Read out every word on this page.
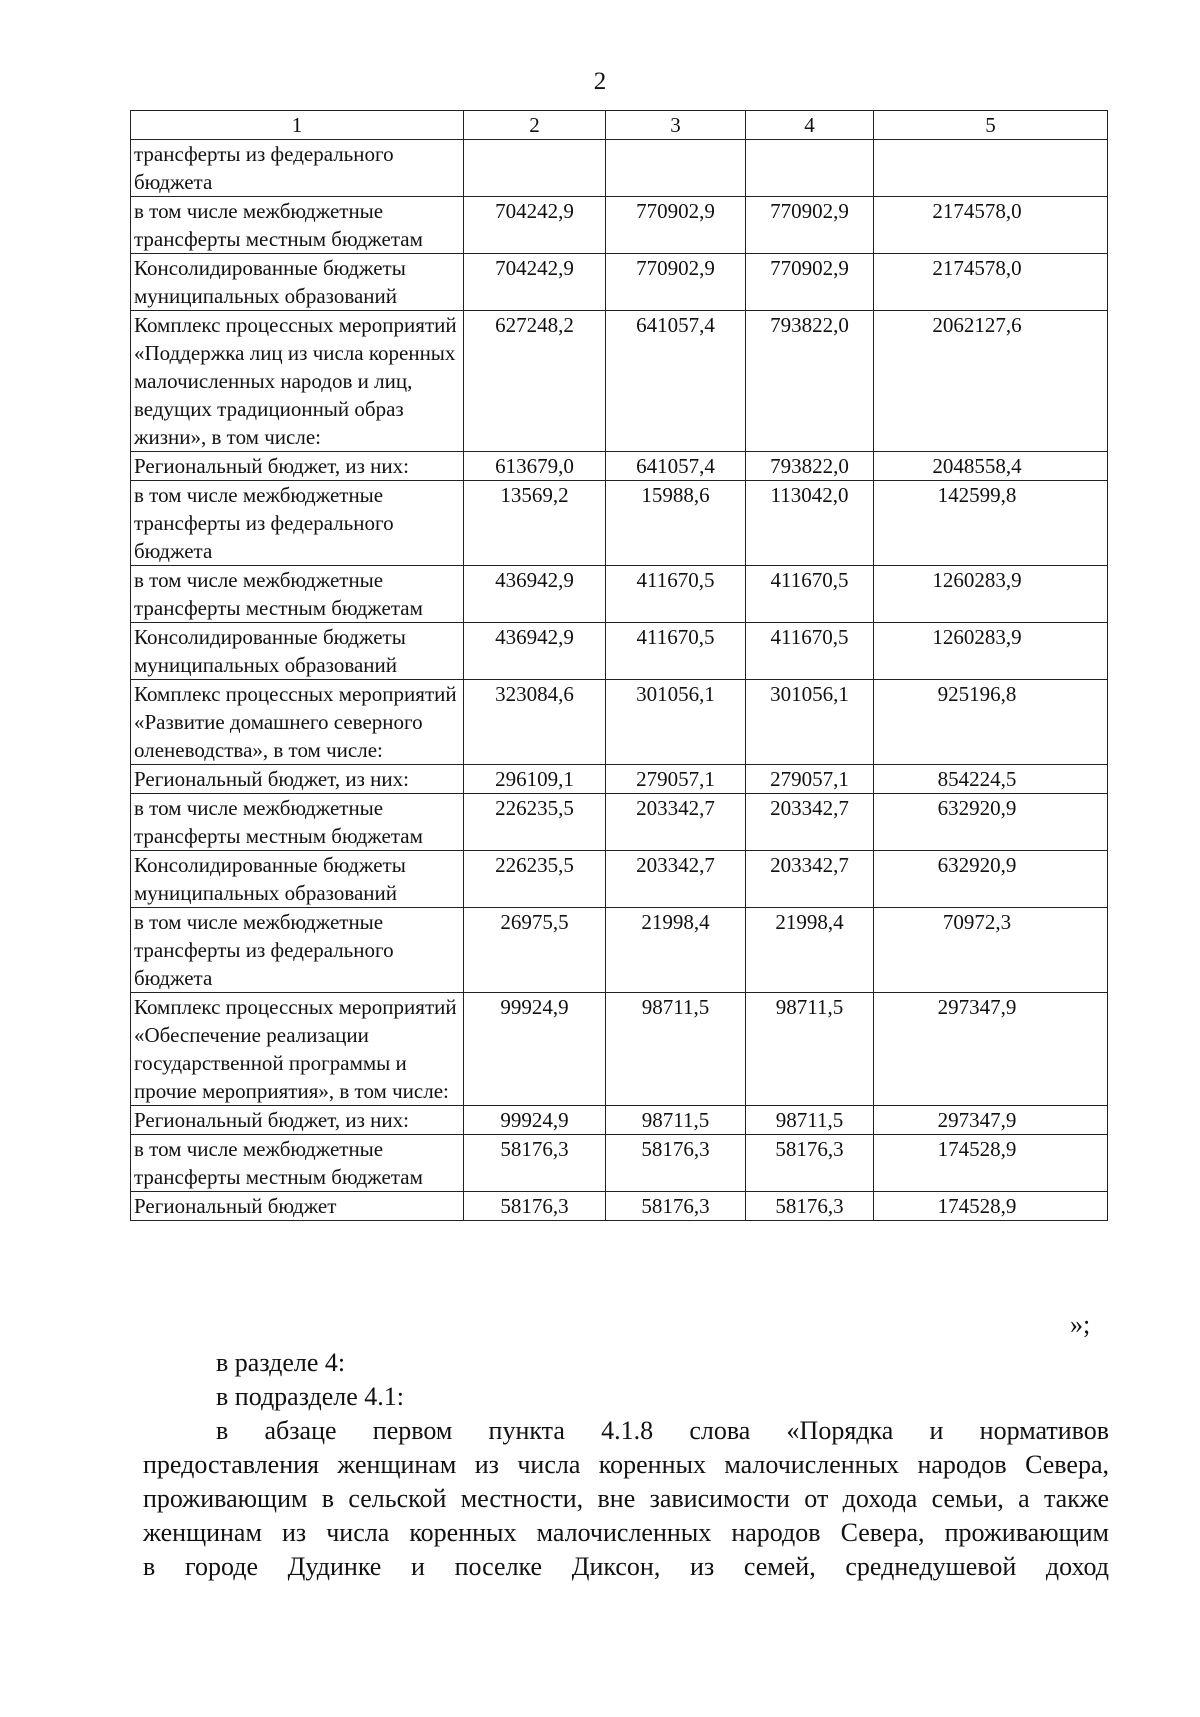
2
1	2	3	4	5
трансферты из федерального бюджета				
в том числе межбюджетные трансферты местным бюджетам	704242,9	770902,9	770902,9	2174578,0
Консолидированные бюджеты муниципальных образований	704242,9	770902,9	770902,9	2174578,0
Комплекс процессных мероприятий «Поддержка лиц из числа коренных малочисленных народов и лиц, ведущих традиционный образ жизни», в том числе:	627248,2	641057,4	793822,0	2062127,6
Региональный бюджет, из них:	613679,0	641057,4	793822,0	2048558,4
в том числе межбюджетные трансферты из федерального бюджета	13569,2	15988,6	113042,0	142599,8
в том числе межбюджетные трансферты местным бюджетам	436942,9	411670,5	411670,5	1260283,9
Консолидированные бюджеты муниципальных образований	436942,9	411670,5	411670,5	1260283,9
Комплекс процессных мероприятий «Развитие домашнего северного оленеводства», в том числе:	323084,6	301056,1	301056,1	925196,8
Региональный бюджет, из них:	296109,1	279057,1	279057,1	854224,5
в том числе межбюджетные трансферты местным бюджетам	226235,5	203342,7	203342,7	632920,9
Консолидированные бюджеты муниципальных образований	226235,5	203342,7	203342,7	632920,9
в том числе межбюджетные трансферты из федерального бюджета	26975,5	21998,4	21998,4	70972,3
Комплекс процессных мероприятий «Обеспечение реализации государственной программы и прочие мероприятия», в том числе:	99924,9	98711,5	98711,5	297347,9
Региональный бюджет, из них:	99924,9	98711,5	98711,5	297347,9
в том числе межбюджетные трансферты местным бюджетам	58176,3	58176,3	58176,3	174528,9
Региональный бюджет	58176,3	58176,3	58176,3	174528,9
»;
в разделе 4:
в подразделе 4.1:
в абзаце первом пункта 4.1.8 слова «Порядка и нормативов
предоставления женщинам из числа коренных малочисленных народов Севера,
проживающим в сельской местности, вне зависимости от дохода семьи, а также
женщинам из числа коренных малочисленных народов Севера, проживающим
в городе Дудинке и поселке Диксон, из семей, среднедушевой доход
